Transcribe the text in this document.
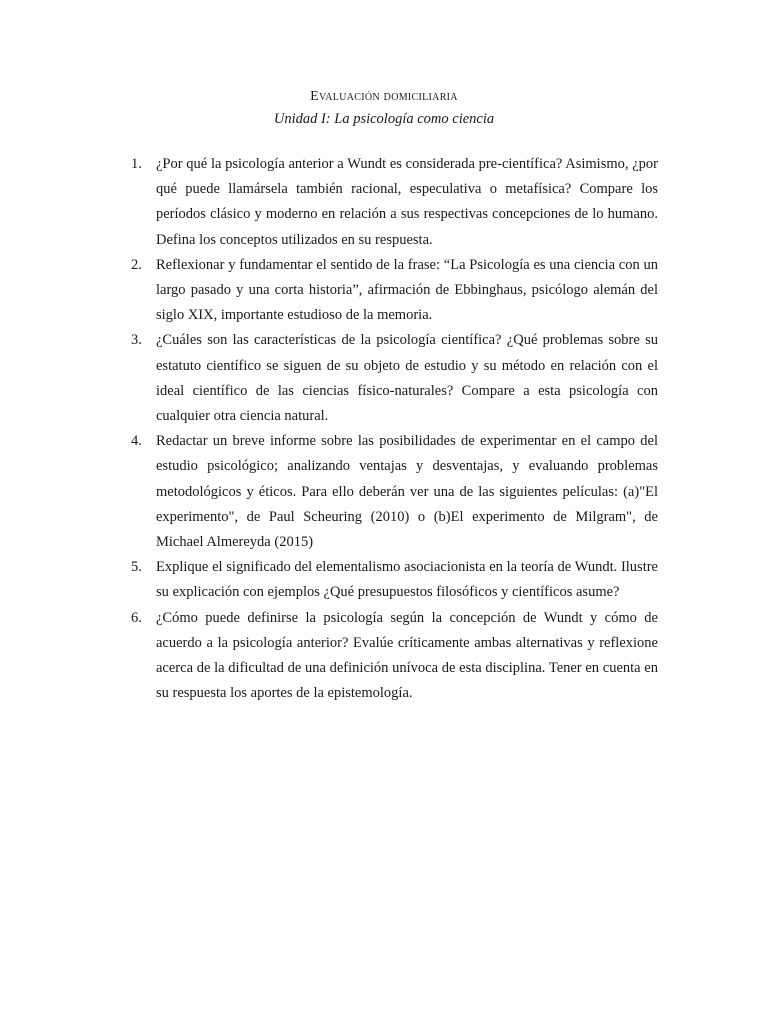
Evaluación domiciliaria

Unidad I: La psicología como ciencia

1. ¿Por qué la psicología anterior a Wundt es considerada pre-científica? Asimismo, ¿por qué puede llamársela también racional, especulativa o metafísica? Compare los períodos clásico y moderno en relación a sus respectivas concepciones de lo humano. Defina los conceptos utilizados en su respuesta.
2. Reflexionar y fundamentar el sentido de la frase: “La Psicología es una ciencia con un largo pasado y una corta historia”, afirmación de Ebbinghaus, psicólogo alemán del siglo XIX, importante estudioso de la memoria.
3. ¿Cuáles son las características de la psicología científica? ¿Qué problemas sobre su estatuto científico se siguen de su objeto de estudio y su método en relación con el ideal científico de las ciencias físico-naturales? Compare a esta psicología con cualquier otra ciencia natural.
4. Redactar un breve informe sobre las posibilidades de experimentar en el campo del estudio psicológico; analizando ventajas y desventajas, y evaluando problemas metodológicos y éticos. Para ello deberán ver una de las siguientes películas: (a)"El experimento", de Paul Scheuring (2010) o (b)El experimento de Milgram", de Michael Almereyda (2015)
5. Explique el significado del elementalismo asociacionista en la teoría de Wundt. Ilustre su explicación con ejemplos ¿Qué presupuestos filosóficos y científicos asume?
6. ¿Cómo puede definirse la psicología según la concepción de Wundt y cómo de acuerdo a la psicología anterior? Evalúe críticamente ambas alternativas y reflexione acerca de la dificultad de una definición unívoca de esta disciplina. Tener en cuenta en su respuesta los aportes de la epistemología.
